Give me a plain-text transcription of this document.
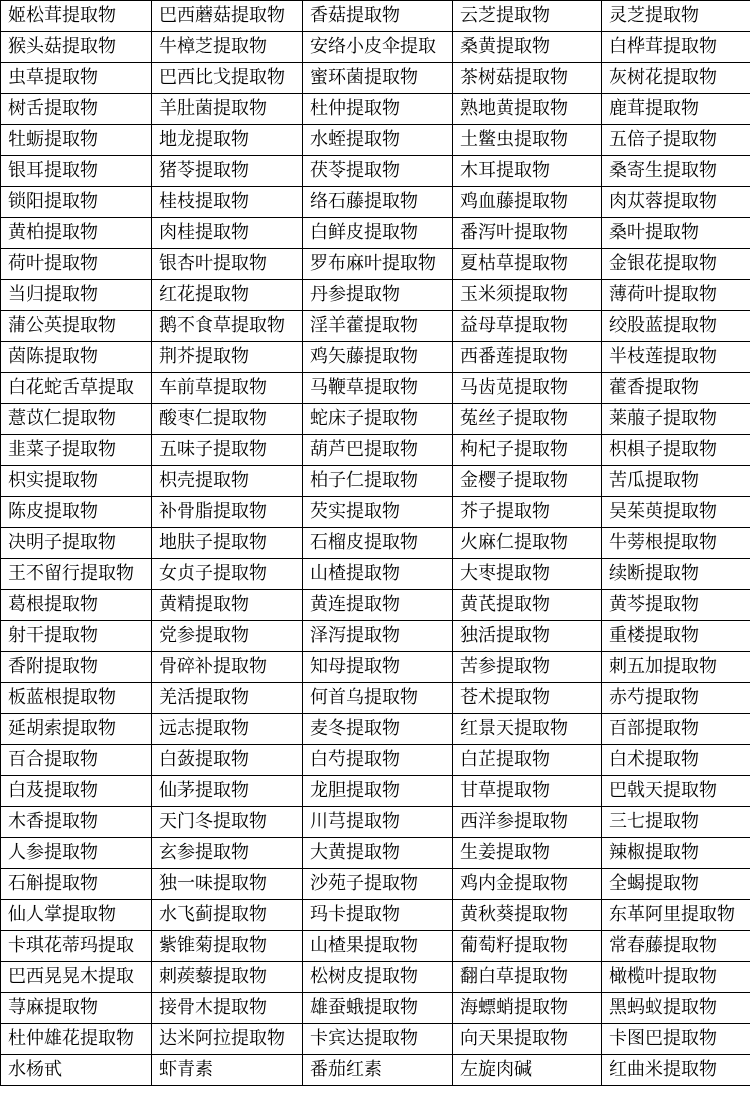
姬松茸提取物	巴西蘑菇提取物	香菇提取物	云芝提取物	灵芝提取物
猴头菇提取物	牛樟芝提取物	安络小皮伞提取	桑黄提取物	白桦茸提取物
虫草提取物	巴西比戈提取物	蜜环菌提取物	茶树菇提取物	灰树花提取物
树舌提取物	羊肚菌提取物	杜仲提取物	熟地黄提取物	鹿茸提取物
牡蛎提取物	地龙提取物	水蛭提取物	土鳖虫提取物	五倍子提取物
银耳提取物	猪苓提取物	茯苓提取物	木耳提取物	桑寄生提取物
锁阳提取物	桂枝提取物	络石藤提取物	鸡血藤提取物	肉苁蓉提取物
黄柏提取物	肉桂提取物	白鲜皮提取物	番泻叶提取物	桑叶提取物
荷叶提取物	银杏叶提取物	罗布麻叶提取物	夏枯草提取物	金银花提取物
当归提取物	红花提取物	丹参提取物	玉米须提取物	薄荷叶提取物
蒲公英提取物	鹅不食草提取物	淫羊藿提取物	益母草提取物	绞股蓝提取物
茵陈提取物	荆芥提取物	鸡矢藤提取物	西番莲提取物	半枝莲提取物
白花蛇舌草提取	车前草提取物	马鞭草提取物	马齿苋提取物	藿香提取物
薏苡仁提取物	酸枣仁提取物	蛇床子提取物	菟丝子提取物	莱菔子提取物
韭菜子提取物	五味子提取物	葫芦巴提取物	枸杞子提取物	枳椇子提取物
枳实提取物	枳壳提取物	柏子仁提取物	金樱子提取物	苦瓜提取物
陈皮提取物	补骨脂提取物	芡实提取物	芥子提取物	吴茱萸提取物
决明子提取物	地肤子提取物	石榴皮提取物	火麻仁提取物	牛蒡根提取物
王不留行提取物	女贞子提取物	山楂提取物	大枣提取物	续断提取物
葛根提取物	黄精提取物	黄连提取物	黄芪提取物	黄芩提取物
射干提取物	党参提取物	泽泻提取物	独活提取物	重楼提取物
香附提取物	骨碎补提取物	知母提取物	苦参提取物	刺五加提取物
板蓝根提取物	羌活提取物	何首乌提取物	苍术提取物	赤芍提取物
延胡索提取物	远志提取物	麦冬提取物	红景天提取物	百部提取物
百合提取物	白蔹提取物	白芍提取物	白芷提取物	白术提取物
白芨提取物	仙茅提取物	龙胆提取物	甘草提取物	巴戟天提取物
木香提取物	天门冬提取物	川芎提取物	西洋参提取物	三七提取物
人参提取物	玄参提取物	大黄提取物	生姜提取物	辣椒提取物
石斛提取物	独一味提取物	沙苑子提取物	鸡内金提取物	全蝎提取物
仙人掌提取物	水飞蓟提取物	玛卡提取物	黄秋葵提取物	东革阿里提取物
卡琪花蒂玛提取	紫锥菊提取物	山楂果提取物	葡萄籽提取物	常春藤提取物
巴西晃晃木提取	刺蒺藜提取物	松树皮提取物	翻白草提取物	橄榄叶提取物
荨麻提取物	接骨木提取物	雄蚕蛾提取物	海螵蛸提取物	黑蚂蚁提取物
杜仲雄花提取物	达米阿拉提取物	卡宾达提取物	向天果提取物	卡图巴提取物
水杨甙	虾青素	番茄红素	左旋肉碱	红曲米提取物
